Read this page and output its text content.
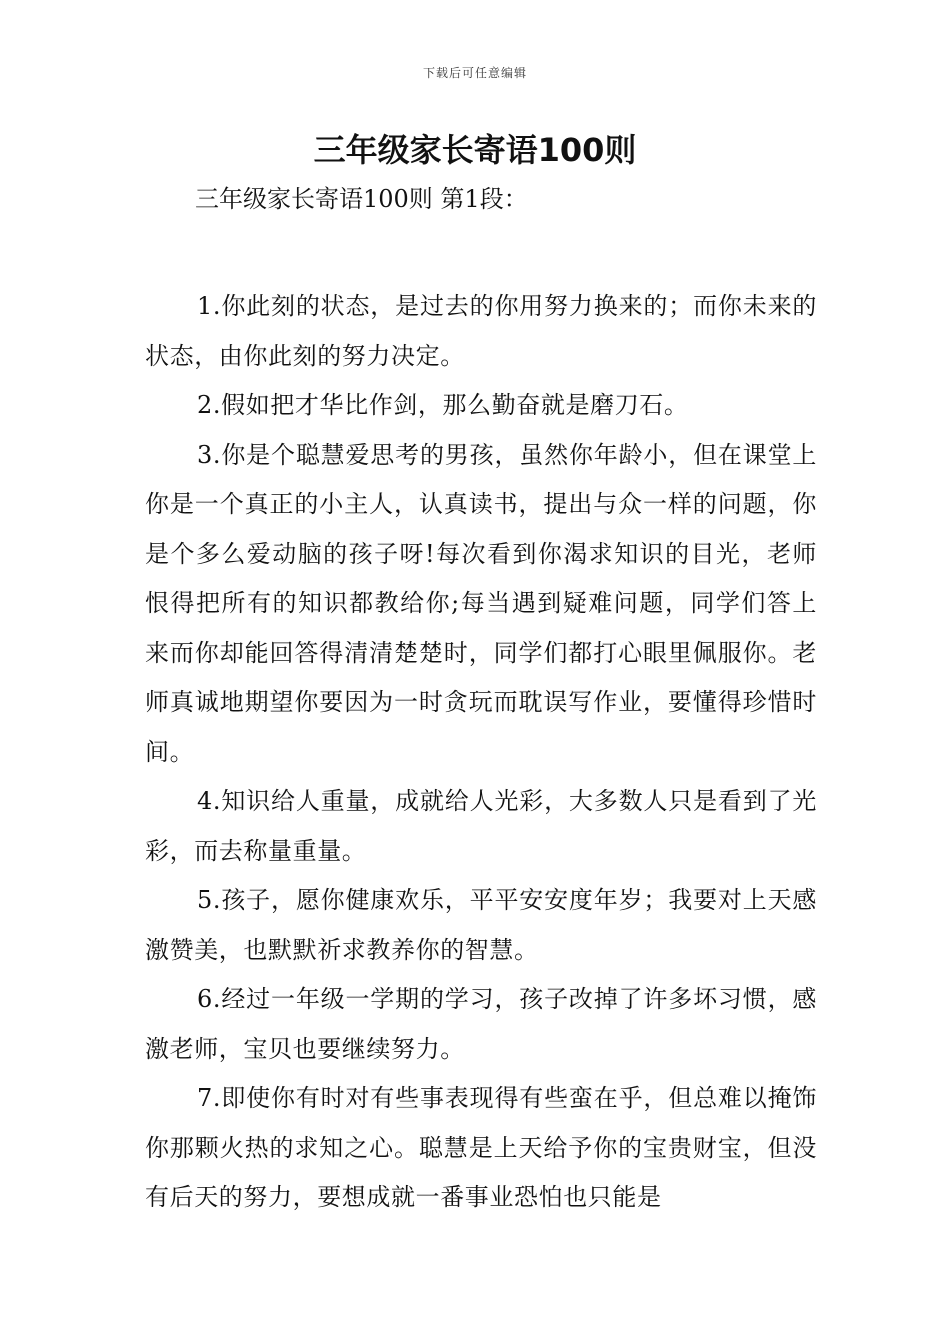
下载后可任意编辑
三年级家长寄语100则
三年级家长寄语100则 第1段：

1.你此刻的状态，是过去的你用努力换来的；而你未来的状态，由你此刻的努力决定。

2.假如把才华比作剑，那么勤奋就是磨刀石。

3.你是个聪慧爱思考的男孩，虽然你年龄小，但在课堂上你是一个真正的小主人，认真读书，提出与众一样的问题，你是个多么爱动脑的孩子呀!每次看到你渴求知识的目光，老师恨得把所有的知识都教给你;每当遇到疑难问题，同学们答上来而你却能回答得清清楚楚时，同学们都打心眼里佩服你。老师真诚地期望你要因为一时贪玩而耽误写作业，要懂得珍惜时间。

4.知识给人重量，成就给人光彩，大多数人只是看到了光彩，而去称量重量。

5.孩子，愿你健康欢乐，平平安安度年岁；我要对上天感激赞美，也默默祈求教养你的智慧。

6.经过一年级一学期的学习，孩子改掉了许多坏习惯，感激老师，宝贝也要继续努力。

7.即使你有时对有些事表现得有些蛮在乎，但总难以掩饰你那颗火热的求知之心。聪慧是上天给予你的宝贵财宝，但没有后天的努力，要想成就一番事业恐怕也只能是
